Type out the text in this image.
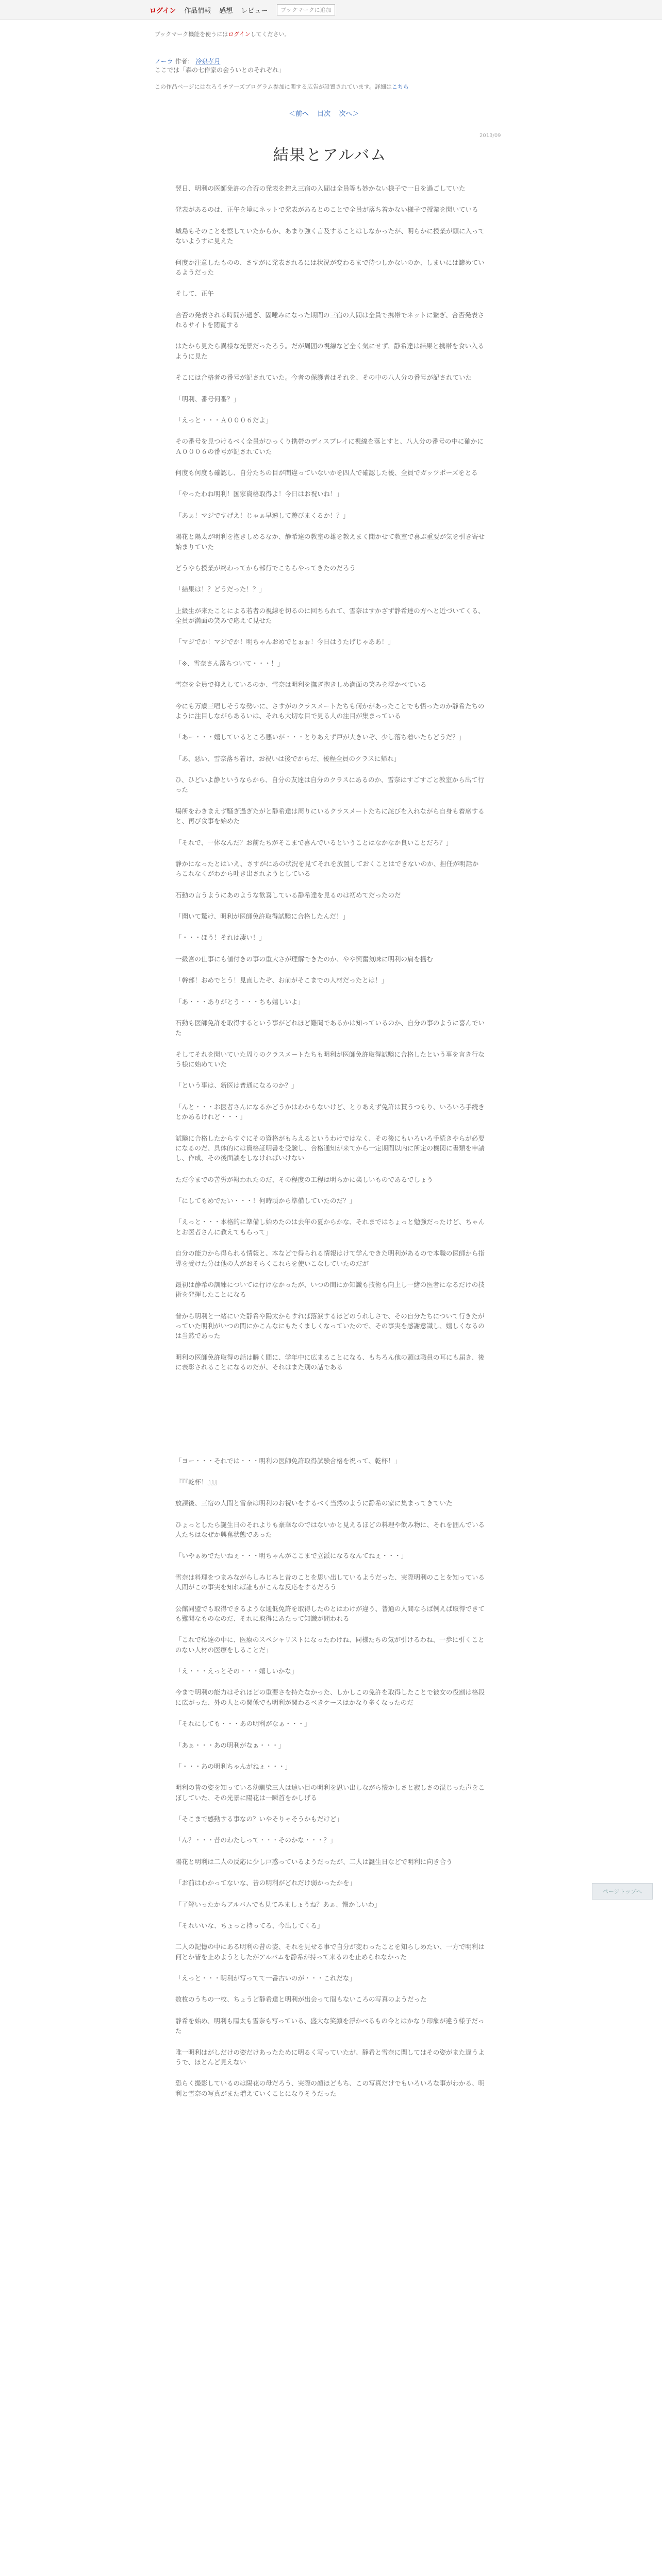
ログイン 作品情報 感想 レビュー	ブックマークに追加
ブックマーク機能を使うにはログインしてください。
ノーラ 作者： 冷泉孝月
ここでは「森の七作家の会ういとのそれぞれ」
この作品ページにはなろうチアーズプログラム参加に関する広告が設置されています。詳細はこちら
＜前へ 目次 次へ＞
2013/09
結果とアルバム

翌日、明利の医師免許の合否の発表を控え三宿の入間は全員等も妙かない様子で一日を過ごしていた

発表があるのは、正午を境にネットで発表があるとのことで全員が落ち着かない様子で授業を聞いている

城島もそのことを察していたからか、あまり強く言及することはしなかったが、明らかに授業が頭に入ってないようすに見えた

何度か注意したものの、さすがに発表されるには状況が変わるまで待つしかないのか、しまいには諦めているようだった

そして、正午

合否の発表される時間が過ぎ、固唾みになった期間の三宿の人間は全員で携帯でネットに繋ぎ、合否発表されるサイトを閲覧する

はたから見たら異様な光景だったろう。だが周囲の視線など全く気にせず、静希達は結果と携帯を食い入るように見た

そこには合格者の番号が記されていた。今者の保護者はそれを、その中の八人分の番号が記されていた

「明利、番号何番？」

「えっと・・・Ａ０００６だよ」

その番号を見つけるべく全員がひっくり携帯のディスプレイに視線を落とすと、八人分の番号の中に確かにＡ０００６の番号が記されていた

何度も何度も確認し、自分たちの目が間違っていないかを四人で確認した後、全員でガッツポーズをとる

「やったわね明利！国家資格取得よ！今日はお祝いね！」

「あぁ！マジですげえ！じゃぁ早速して遊びまくるか！？」

陽花と陽太が明利を抱きしめるなか、静希達の教室の雄を教えまく聞かせて教室で喜ぶ重要が気を引き寄せ始まりていた

どうやら授業が終わってから部行でこちらやってきたのだろう

「結果は！？どうだった！？」

上級生が来たことによる若者の視線を切るのに回ちられて、雪奈はすかざず静希達の方へと近づいてくる、全員が満面の笑みで応えて見せた

「マジでか！マジでか！明ちゃんおめでとぉぉ！今日はうたげじゃああ！」

「※、雪奈さん落ちついて・・・！」

雪奈を全員で抑えしているのか、雪奈は明利を撫ぎ抱きしめ満面の笑みを浮かべている

今にも万歳三唱しそうな勢いに、さすがのクラスメートたちも何かがあったことでも悟ったのか静希たちのように注目しながらあるいは、それも大切な目で見る人の注目が集まっている

「あー・・・嬉しているところ悪いが・・・とりあえず戸が大きいぞ、少し落ち着いたらどうだ？」

「あ、悪い、雪奈落ち着け、お祝いは後でからだ、後程全員のクラスに帰れ」

ひ、ひどいよ静というならから、自分の友達は自分のクラスにあるのか、雪奈はすごすごと教室から出て行った

場所をわきまえず騒ぎ過ぎたがと静希達は周りにいるクラスメートたちに詫びを入れながら自身も着席すると、再び食事を始めた

「それで、一体なんだ？お前たちがそこまで喜んでいるということはなかなか良いことだろ？」

静かになったとはいえ、さすがにあの状況を見てそれを放置しておくことはできないのか、担任が明話からこれなくがわから吐き出されようとしている

石動の言うようにあのような歓喜している静希達を見るのは初めてだったのだ

「聞いて驚け、明利が医師免許取得試験に合格したんだ！」

「・・・ほう！それは凄い！」

一級宮の仕事にも値付きの事の重大さが理解できたのか、やや興奮気味に明利の肩を揺む

「幹部！おめでとう！見直したぞ、お前がそこまでの人材だったとは！」

「あ・・・ありがとう・・・ちも嬉しいよ」

石動も医師免許を取得するという事がどれほど難聞であるかは知っているのか、自分の事のように喜んでいた

そしてそれを聞いていた周りのクラスメートたちも明利が医師免許取得試験に合格したという事を言き行なう様に始めていた

「という事は、新医は普通になるのか？」

「んと・・・お医者さんになるかどうかはわからないけど、とりあえず免許は貰うつもり、いろいろ手続きとかあるけれど・・・」

試験に合格したからすぐにその資格がもらえるというわけではなく、その後にもいろいろ手続きやらが必要になるのだ、具体的には資格証明書を受験し、合格通知が来てから一定期間以内に所定の機関に書類を申請し、作成、その後面談をしなければいけない

ただ今までの苦労が報われたのだ、その程度の工程は明らかに楽しいものであるでしょう

「にしてもめでたい・・・！何時頃から準備していたのだ？」

「えっと・・・本格的に準備し始めたのは去年の夏からかな、それまではちょっと勉強だったけど、ちゃんとお医者さんに教えてもらって」

自分の能力から得られる情報と、本などで得られる情報はけて学んできた明利があるので本職の医師から指導を受けた分は他の人がおそらくこれらを使いこなしていたのだが

最初は静希の訓練については行けなかったが、いつの間にか知識も技術も向上し一緒の医者になるだけの技術を発揮したことになる

普から明利と一緒にいた静希や陽太からすれば落涙するほどのうれしさで、その自分たちについて行きたがっていた明利がいつの間にかこんなにもたくましくなっていたので、その事実を感謝意識し、嬉しくなるのは当然であった

明利の医師免許取得の話は瞬く間に、学年中に広まることになる、もちろん他の頭は職員の耳にも届き、後に表彰されることになるのだが、それはまた別の話である

「ヨー・・・それでは・・・明利の医師免許取得試験合格を祝って、乾杯！」

『『『乾杯！』』』

放課後、三宿の人間と雪奈は明利のお祝いをするべく当然のように静希の家に集まってきていた

ひょっとしたら誕生日のそれよりも豪華なのではないかと見えるほどの料理や飲み物に、それを囲んでいる人たちはなぜか興奮状態であった

「いやぁめでたいねぇ・・・明ちゃんがここまで立派になるなんてねぇ・・・」

雪奈は料理をつまみながらしみじみと昔のことを思い出しているようだった、実際明利のことを知っている人間がこの事実を知れば誰もがこんな反応をするだろう

公館同盟でも取得できるような通低免許を取得したのとはわけが違う、普通の人間ならば例えば取得できても難聞なものなのだ、それに取得にあたって知識が問われる

「これで私達の中に、医療のスペシャリストになったわけね、同様たちの気が引けるわね、一歩に引くことのない人材の医療をしることだ」

「え・・・えっとその・・・嬉しいかな」

今まで明利の能力はそれほどの重要さを持たなかった、しかしこの免許を取得したことで彼女の役割は格段に広がった、外の人との関係でも明利が関わるべきケースはかなり多くなったのだ

「それにしても・・・あの明利がなぁ・・・」

「あぁ・・・あの明利がなぁ・・・」

「・・・あの明利ちゃんがねぇ・・・」

明利の昔の姿を知っている幼馴染三人は遠い目の明利を思い出しながら懐かしさと寂しさの混じった声をこぼしていた、その光景に陽花は一瞬首をかしげる

「そこまで感動する事なの？いやそりゃそうかもだけど」

「ん？・・・昔のわたしって・・・そのかな・・・？」

陽花と明利は二人の反応に少し戸惑っているようだったが、二人は誕生日などで明利に向き合う

「お前はわかってないな、昔の明利がどれだけ弱かったかを」

「了解いったからアルバムでも見てみましょうね？あぁ、懐かしいわ」

「それいいな、ちょっと持ってる、今出してくる」

二人の記憶の中にある明利の昔の姿、それを見せる事で自分が変わったことを知らしめたい、一方で明利は何とか皆を止めようとしたがアルバムを静希が持って来るのを止められなかった

「えっと・・・明利が写ってて一番古いのが・・・これだな」

数枚のうちの一枚、ちょうど静希達と明利が出会って間もないころの写真のようだった

静希を始め、明利も陽太も雪奈も写っている、盛大な笑顔を浮かべるもの今とはかなり印象が違う様子だった

唯一明利はがしだけの姿だけあったために明るく写っていたが、静希と雪奈に関してはその姿がまた違うようで、ほとんど見えない

恐らく撮影しているのは陽花の母だろう、実際の顔ほどもち、この写真だけでもいろいろな事がわかる、明利と雪奈の写真がまた増えていくことになりそうだった

ページトップへ
